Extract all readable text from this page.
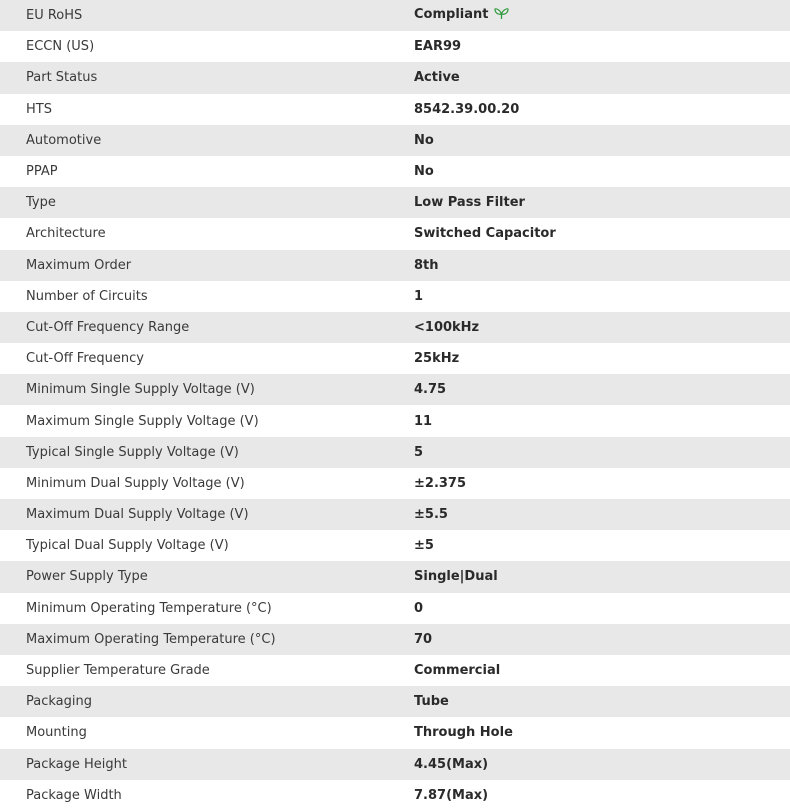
EU RoHS	Compliant
ECCN (US)	EAR99
Part Status	Active
HTS	8542.39.00.20
Automotive	No
PPAP	No
Type	Low Pass Filter
Architecture	Switched Capacitor
Maximum Order	8th
Number of Circuits	1
Cut-Off Frequency Range	<100kHz
Cut-Off Frequency	25kHz
Minimum Single Supply Voltage (V)	4.75
Maximum Single Supply Voltage (V)	11
Typical Single Supply Voltage (V)	5
Minimum Dual Supply Voltage (V)	±2.375
Maximum Dual Supply Voltage (V)	±5.5
Typical Dual Supply Voltage (V)	±5
Power Supply Type	Single|Dual
Minimum Operating Temperature (°C)	0
Maximum Operating Temperature (°C)	70
Supplier Temperature Grade	Commercial
Packaging	Tube
Mounting	Through Hole
Package Height	4.45(Max)
Package Width	7.87(Max)
